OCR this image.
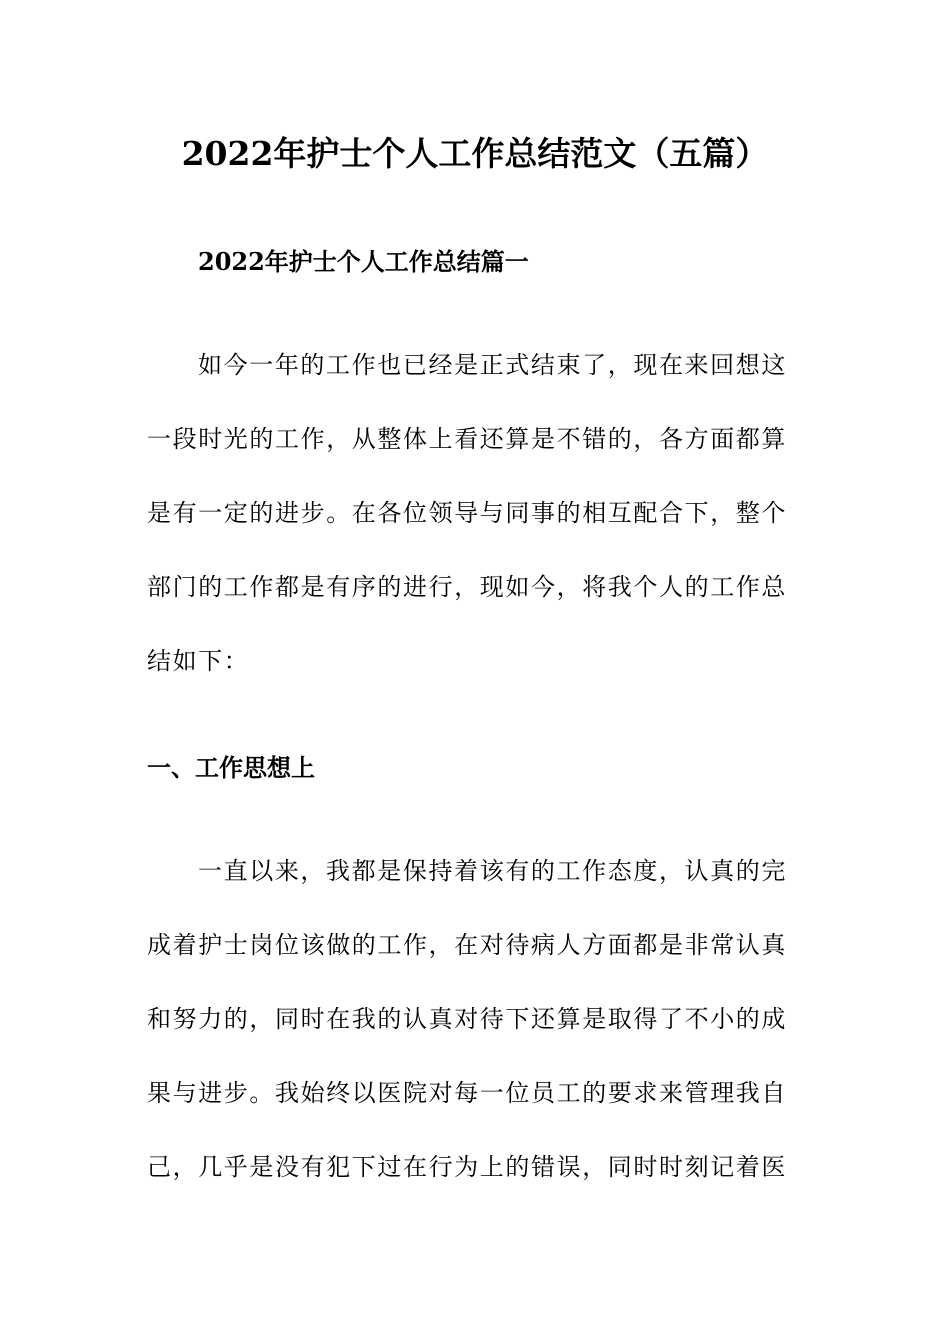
2022年护士个人工作总结范文（五篇）
2022年护士个人工作总结篇一

如今一年的工作也已经是正式结束了，现在来回想这一段时光的工作，从整体上看还算是不错的，各方面都算是有一定的进步。在各位领导与同事的相互配合下，整个部门的工作都是有序的进行，现如今，将我个人的工作总结如下：

一、工作思想上

一直以来，我都是保持着该有的工作态度，认真的完成着护士岗位该做的工作，在对待病人方面都是非常认真和努力的，同时在我的认真对待下还算是取得了不小的成果与进步。我始终以医院对每一位员工的要求来管理我自己，几乎是没有犯下过在行为上的错误，同时时刻记着医
